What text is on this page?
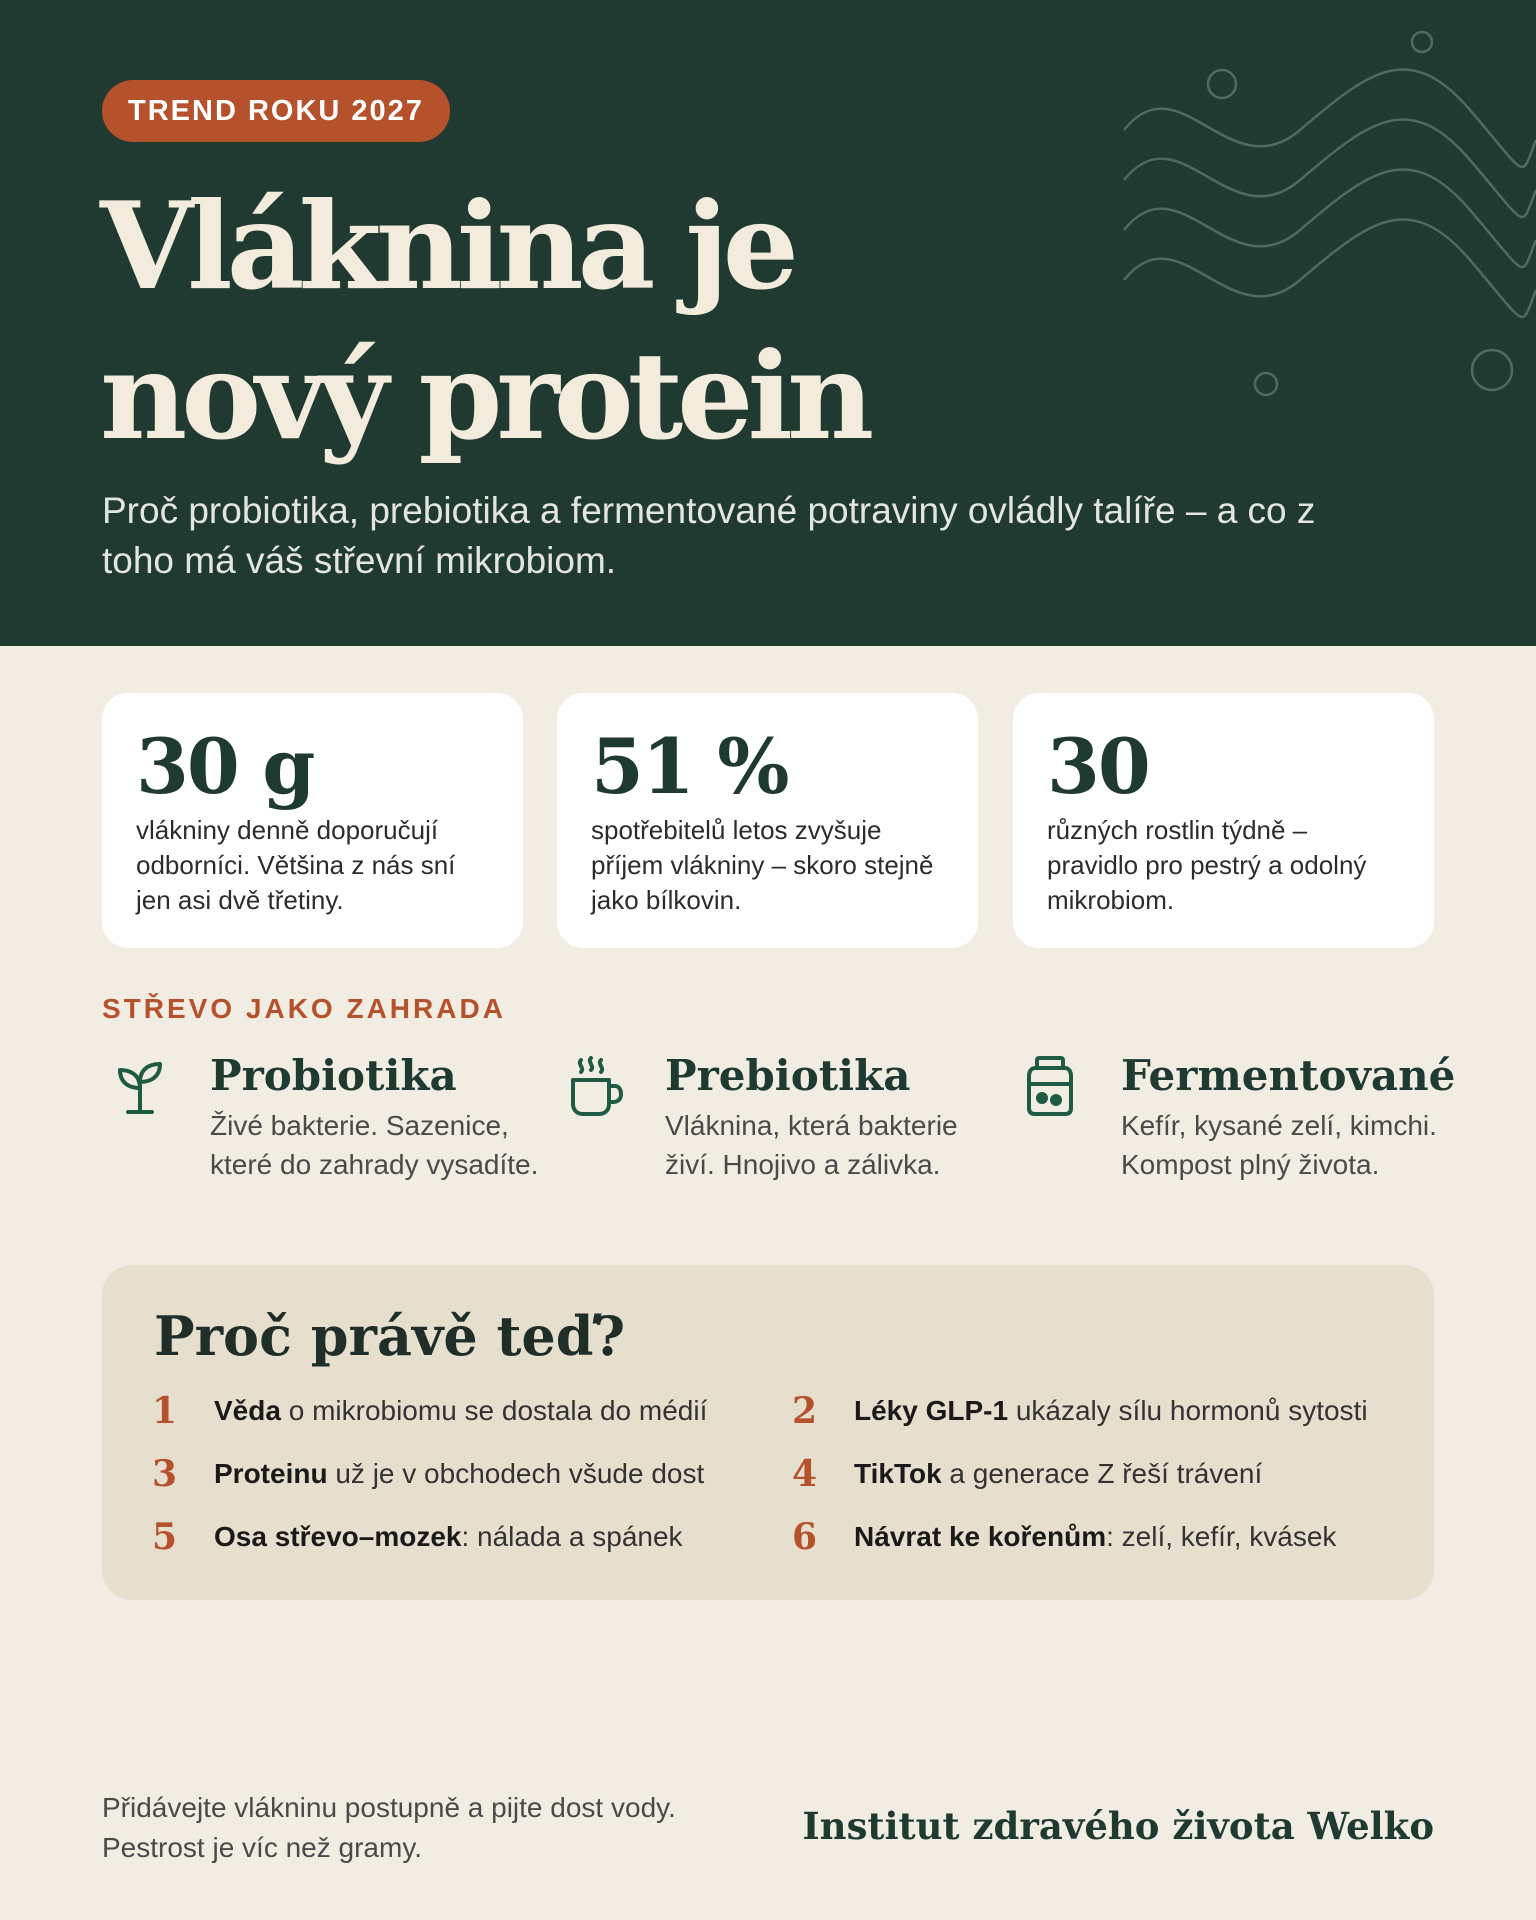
TREND ROKU 2027
Vláknina je
nový protein

Proč probiotika, prebiotika a fermentované potraviny ovládly talíře – a co z toho má váš střevní mikrobiom.

30 g
vlákniny denně doporučují odborníci. Většina z nás sní jen asi dvě třetiny.
51 %
spotřebitelů letos zvyšuje příjem vlákniny – skoro stejně jako bílkovin.
30
různých rostlin týdně – pravidlo pro pestrý a odolný mikrobiom.
STŘEVO JAKO ZAHRADA
Probiotika
Živé bakterie. Sazenice, které do zahrady vysadíte.
Prebiotika
Vláknina, která bakterie živí. Hnojivo a zálivka.
Fermentované
Kefír, kysané zelí, kimchi. Kompost plný života.
Proč právě teď?
1 Věda o mikrobiomu se dostala do médií 2 Léky GLP-1 ukázaly sílu hormonů sytosti
3 Proteinu už je v obchodech všude dost 4 TikTok a generace Z řeší trávení
5 Osa střevo–mozek: nálada a spánek	6 Návrat ke kořenům: zelí, kefír, kvásek
Přidávejte vlákninu postupně a pijte dost vody.
Pestrost je víc než gramy.	Institut zdravého života Welko
